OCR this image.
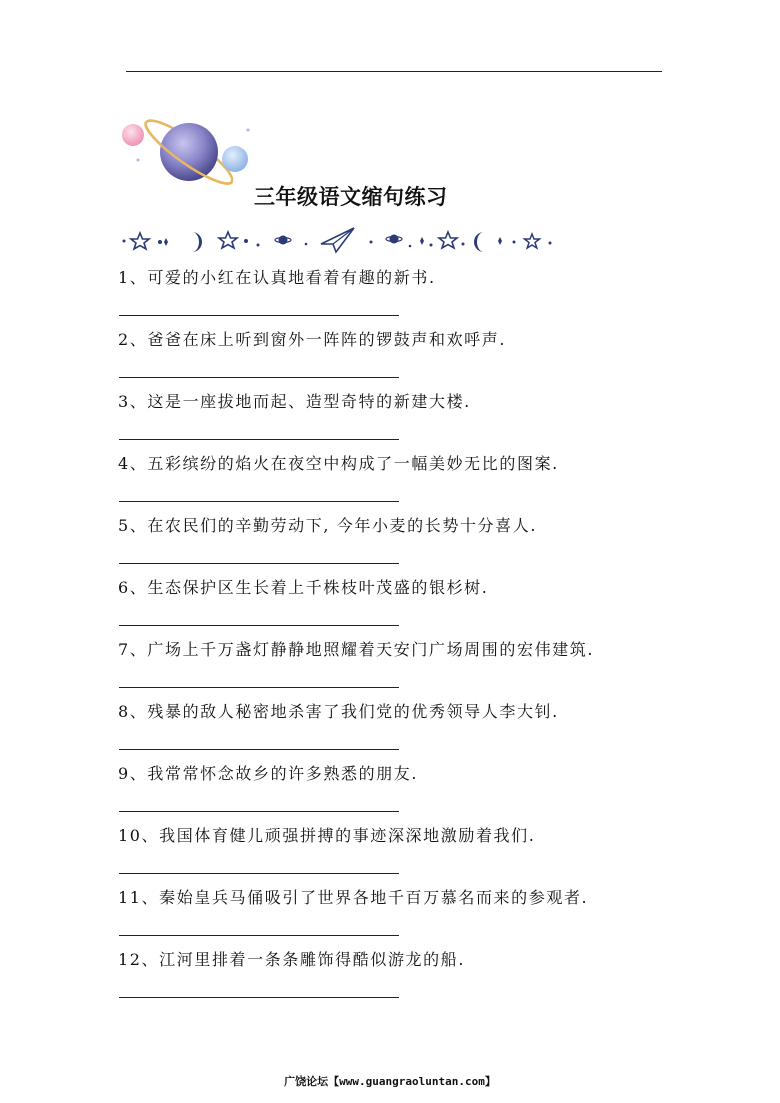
三年级语文缩句练习
1、可爱的小红在认真地看着有趣的新书.
2、爸爸在床上听到窗外一阵阵的锣鼓声和欢呼声.
3、这是一座拔地而起、造型奇特的新建大楼.
4、五彩缤纷的焰火在夜空中构成了一幅美妙无比的图案.
5、在农民们的辛勤劳动下, 今年小麦的长势十分喜人.
6、生态保护区生长着上千株枝叶茂盛的银杉树.
7、广场上千万盏灯静静地照耀着天安门广场周围的宏伟建筑.
8、残暴的敌人秘密地杀害了我们党的优秀领导人李大钊.
9、我常常怀念故乡的许多熟悉的朋友.
10、我国体育健儿顽强拼搏的事迹深深地激励着我们.
11、秦始皇兵马俑吸引了世界各地千百万慕名而来的参观者.
12、江河里排着一条条雕饰得酷似游龙的船.
广饶论坛【www.guangraoluntan.com】
